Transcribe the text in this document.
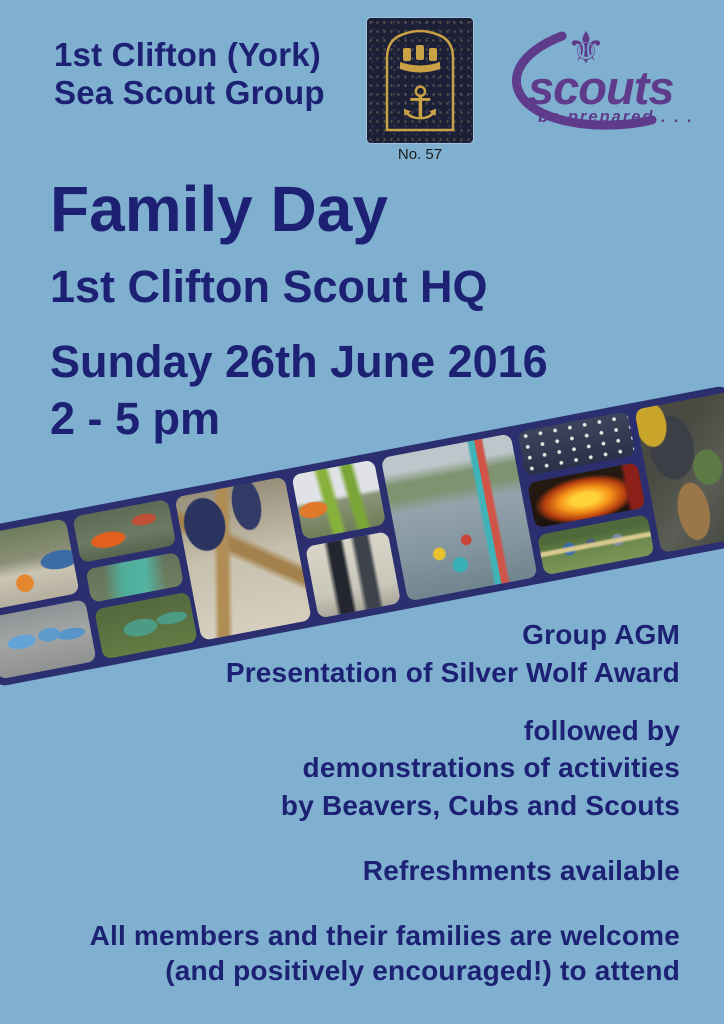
1st Clifton (York)
Sea Scout Group ⚓
No. 57
⚜
scouts
be prepared . . .
Family Day
1st Clifton Scout HQ
Sunday 26th June 2016
2 - 5 pm
Group AGM
Presentation of Silver Wolf Award
followed by
demonstrations of activities
by Beavers, Cubs and Scouts
Refreshments available
All members and their families are welcome
(and positively encouraged!) to attend
